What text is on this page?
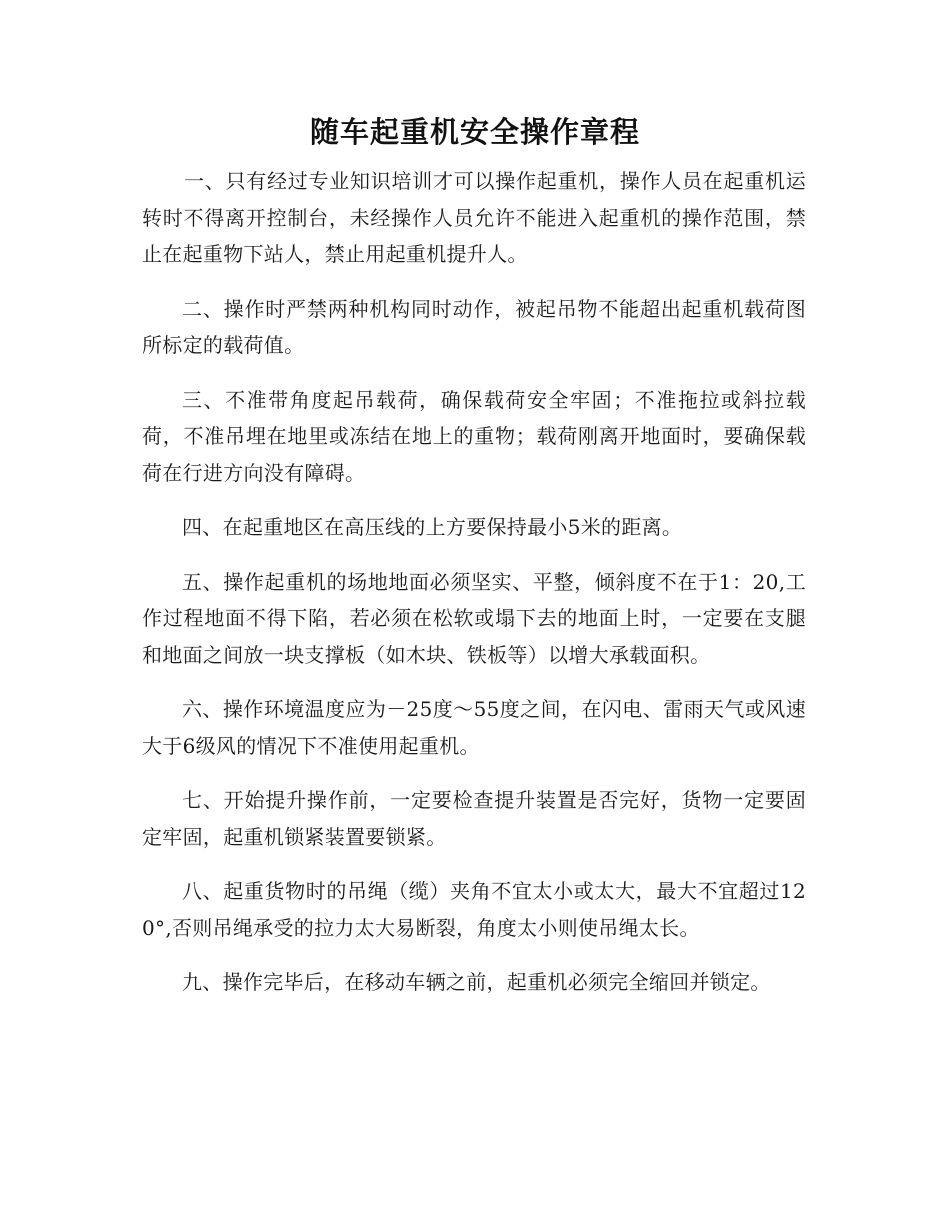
随车起重机安全操作章程

一、只有经过专业知识培训才可以操作起重机，操作人员在起重机运转时不得离开控制台，未经操作人员允许不能进入起重机的操作范围，禁止在起重物下站人，禁止用起重机提升人。

二、操作时严禁两种机构同时动作，被起吊物不能超出起重机载荷图所标定的载荷值。

三、不准带角度起吊载荷，确保载荷安全牢固；不准拖拉或斜拉载荷，不准吊埋在地里或冻结在地上的重物；载荷刚离开地面时，要确保载荷在行进方向没有障碍。

四、在起重地区在高压线的上方要保持最小5米的距离。

五、操作起重机的场地地面必须坚实、平整，倾斜度不在于1：20,工作过程地面不得下陷，若必须在松软或塌下去的地面上时，一定要在支腿和地面之间放一块支撑板（如木块、铁板等）以增大承载面积。

六、操作环境温度应为－25度～55度之间，在闪电、雷雨天气或风速大于6级风的情况下不准使用起重机。

七、开始提升操作前，一定要检查提升装置是否完好，货物一定要固定牢固，起重机锁紧装置要锁紧。

八、起重货物时的吊绳（缆）夹角不宜太小或太大，最大不宜超过120°,否则吊绳承受的拉力太大易断裂，角度太小则使吊绳太长。

九、操作完毕后，在移动车辆之前，起重机必须完全缩回并锁定。
